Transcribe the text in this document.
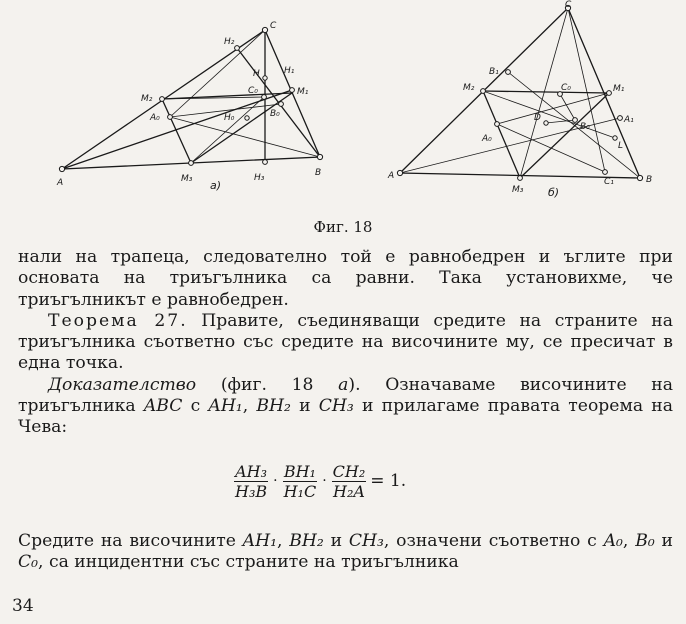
C
H₂
H	H₁
M₁
C₀
M₂
A₀	B₀
H₀
A	M₃	H₃	B
a)
C
B₁
M₂	C₀	M₁
A₁
B₀
D
A₀
L
A
M₃
C₁	B
б)
Фиг. 18

нали на трапеца, следователно той е равнобедрен и ъглите при основата на триъгълника са равни. Така установихме, че триъгълникът е равнобедрен.

Теорема 27. Правите, съединяващи средите на страните на триъгълника съответно със средите на височините му, се пресичат в една точка.

Доказателство (фиг. 18 а). Означаваме височините на триъгълника ABC с AH₁, BH₂ и CH₃ и прилагаме правата теорема на Чева:

$\frac{\text{AH₃}}{\text{H₃B}} \cdot \frac{\text{BH₁}}{\text{H₁C}} \cdot \frac{\text{CH₂}}{\text{H₂A}} = 1$.

Средите на височините AH₁, BH₂ и CH₃, означени съответно с A₀, B₀ и C₀, са инцидентни със страните на триъгълника

34
